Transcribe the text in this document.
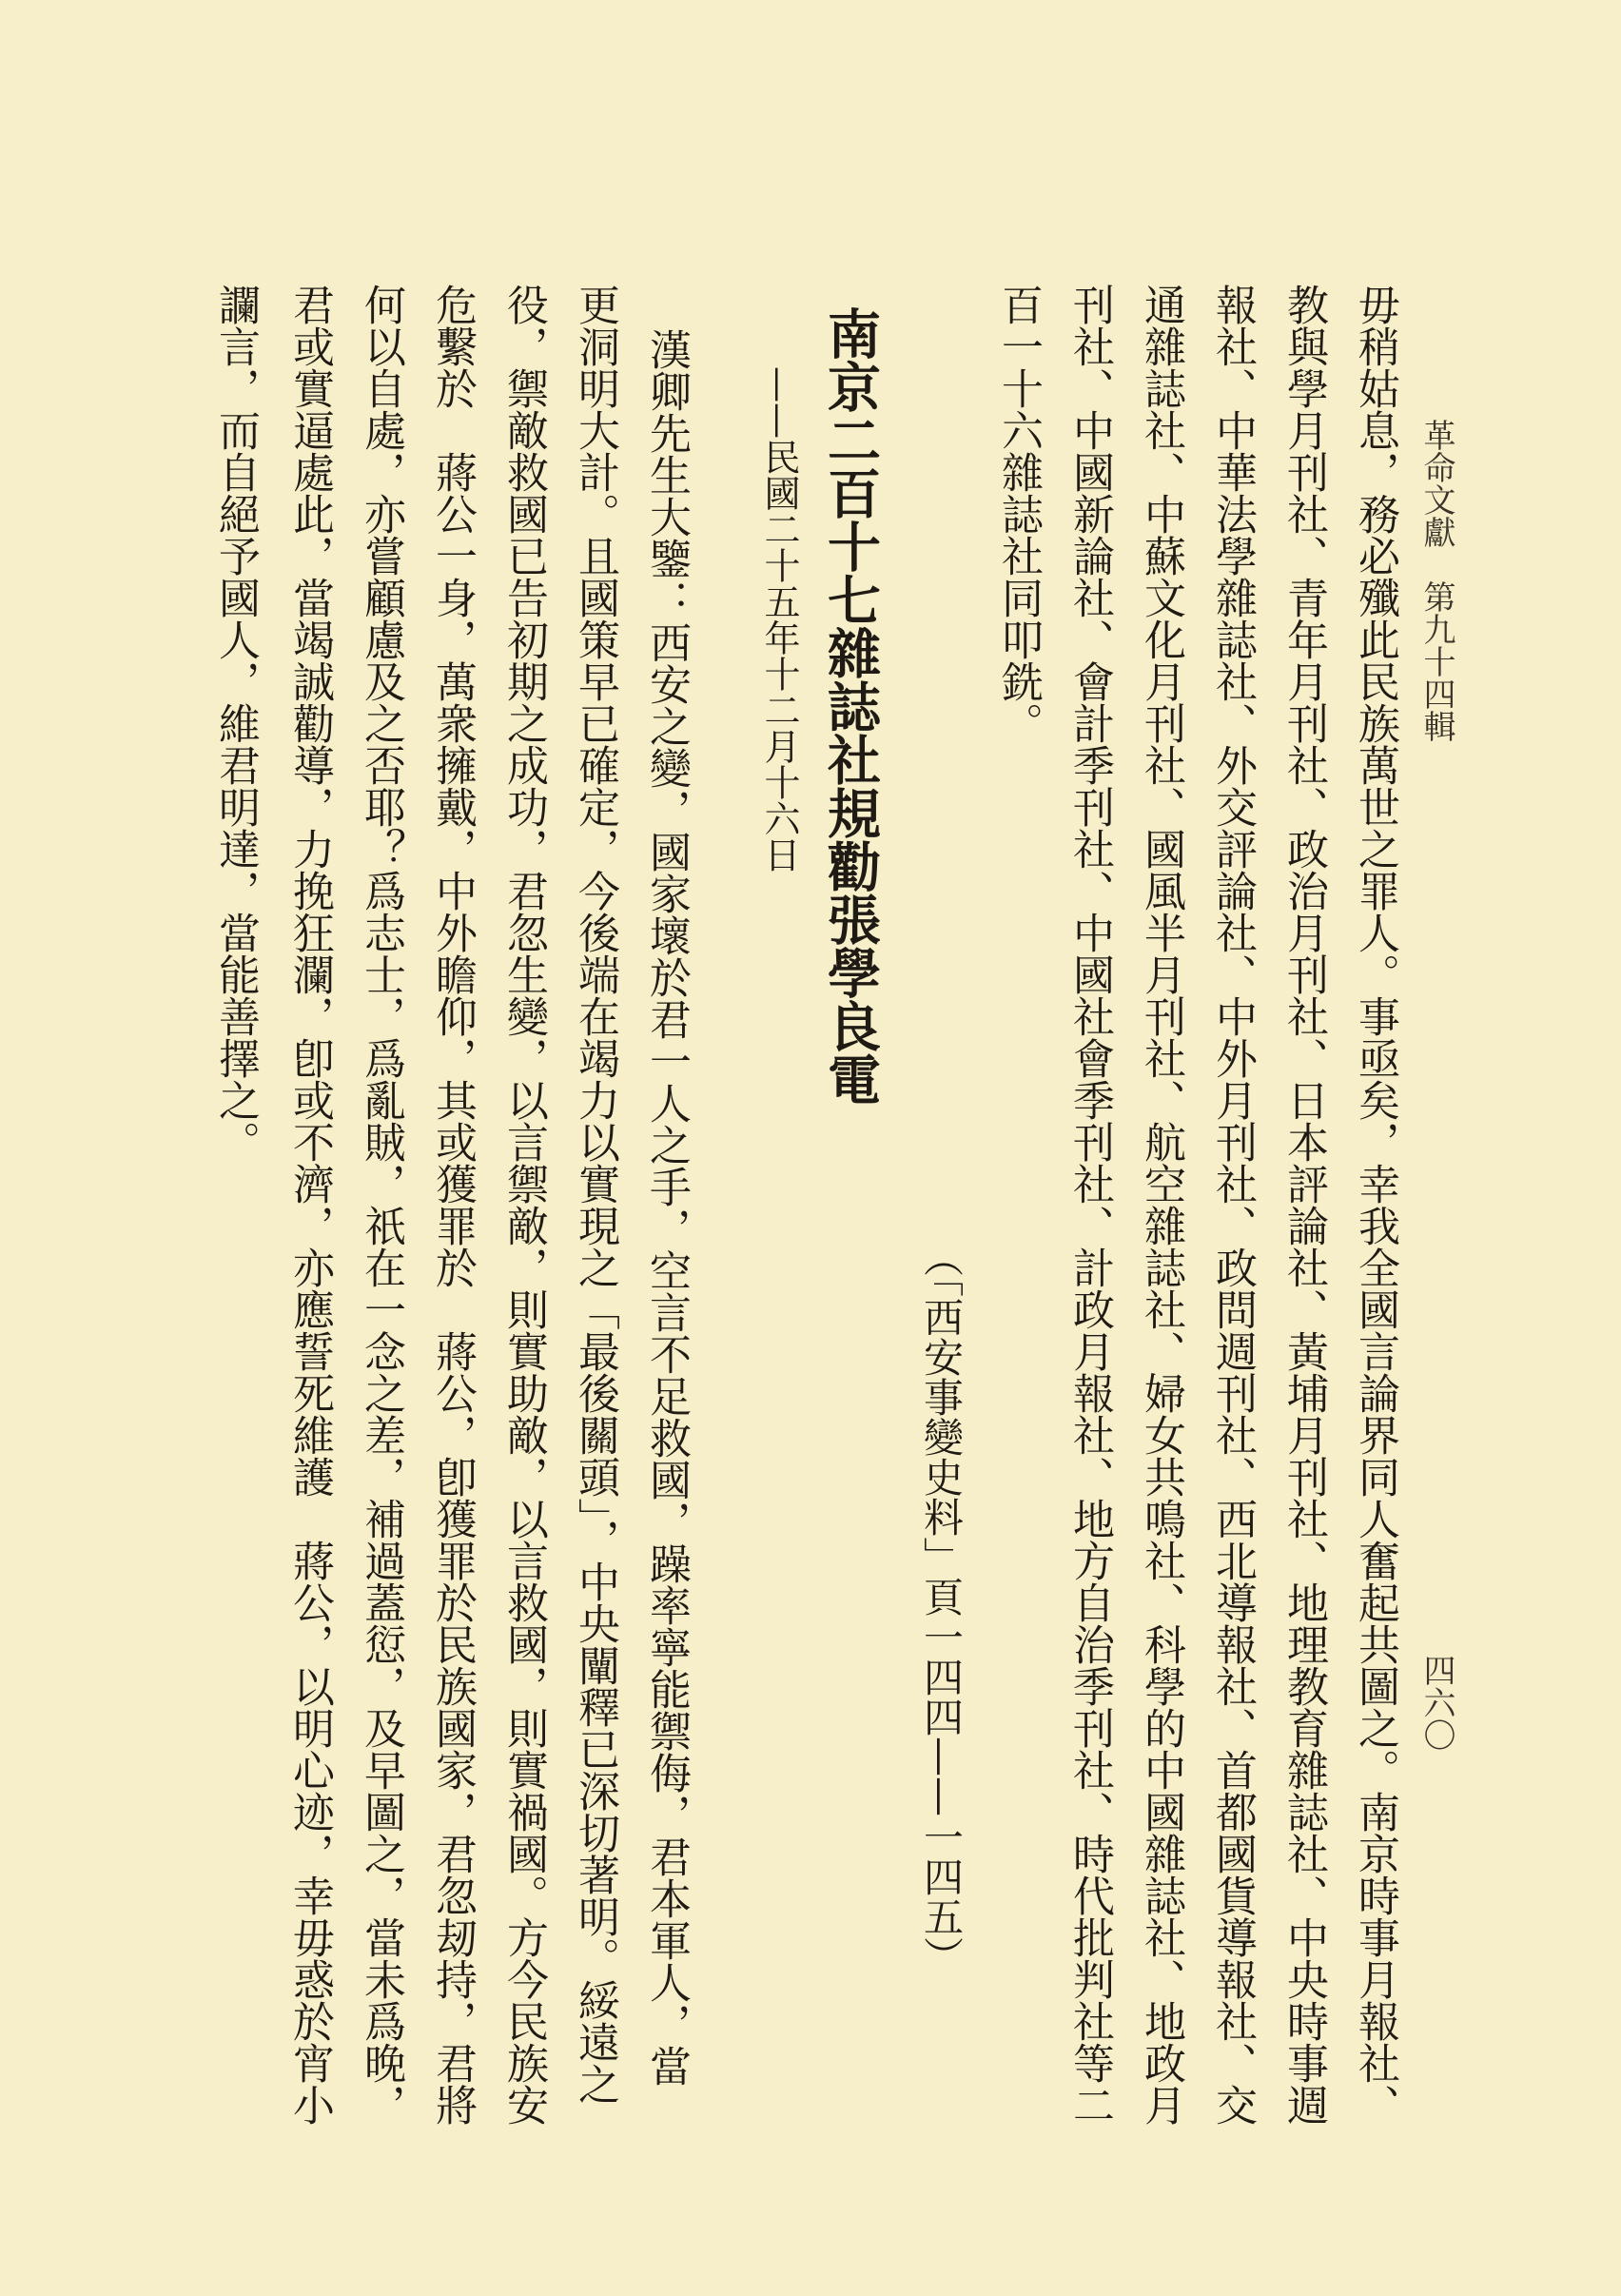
革命文獻　第九十四輯
四六〇
毋稍姑息，務必殲此民族萬世之罪人。事亟矣，幸我全國言論界同人奮起共圖之。南京時事月報社、
教與學月刊社、青年月刊社、政治月刊社、日本評論社、黃埔月刊社、地理教育雜誌社、中央時事週
報社、中華法學雜誌社、外交評論社、中外月刊社、政問週刊社、西北導報社、首都國貨導報社、交
通雜誌社、中蘇文化月刊社、國風半月刊社、航空雜誌社、婦女共鳴社、科學的中國雜誌社、地政月
刊社、中國新論社、會計季刊社、中國社會季刊社、計政月報社、地方自治季刊社、時代批判社等二
百一十六雜誌社同叩銑。
（「西安事變史料」頁一四四——一四五）
南京二百十七雜誌社規勸張學良電
——民國二十五年十二月十六日
漢卿先生大鑒：西安之變，國家壞於君一人之手，空言不足救國，躁率寧能禦侮，君本軍人，當
更洞明大計。且國策早已確定，今後端在竭力以實現之「最後關頭」，中央闡釋已深切著明。綏遠之
役，禦敵救國已告初期之成功，君忽生變，以言禦敵，則實助敵，以言救國，則實禍國。方今民族安
危繫於　蔣公一身，萬衆擁戴，中外瞻仰，其或獲罪於　蔣公，卽獲罪於民族國家，君忽刼持，君將
何以自處，亦嘗顧慮及之否耶？爲志士，爲亂賊，祇在一念之差，補過蓋愆，及早圖之，當未爲晚，
君或實逼處此，當竭誠勸導，力挽狂瀾，卽或不濟，亦應誓死維護　蔣公，以明心迹，幸毋惑於宵小
讕言，而自絕予國人，維君明達，當能善擇之。
